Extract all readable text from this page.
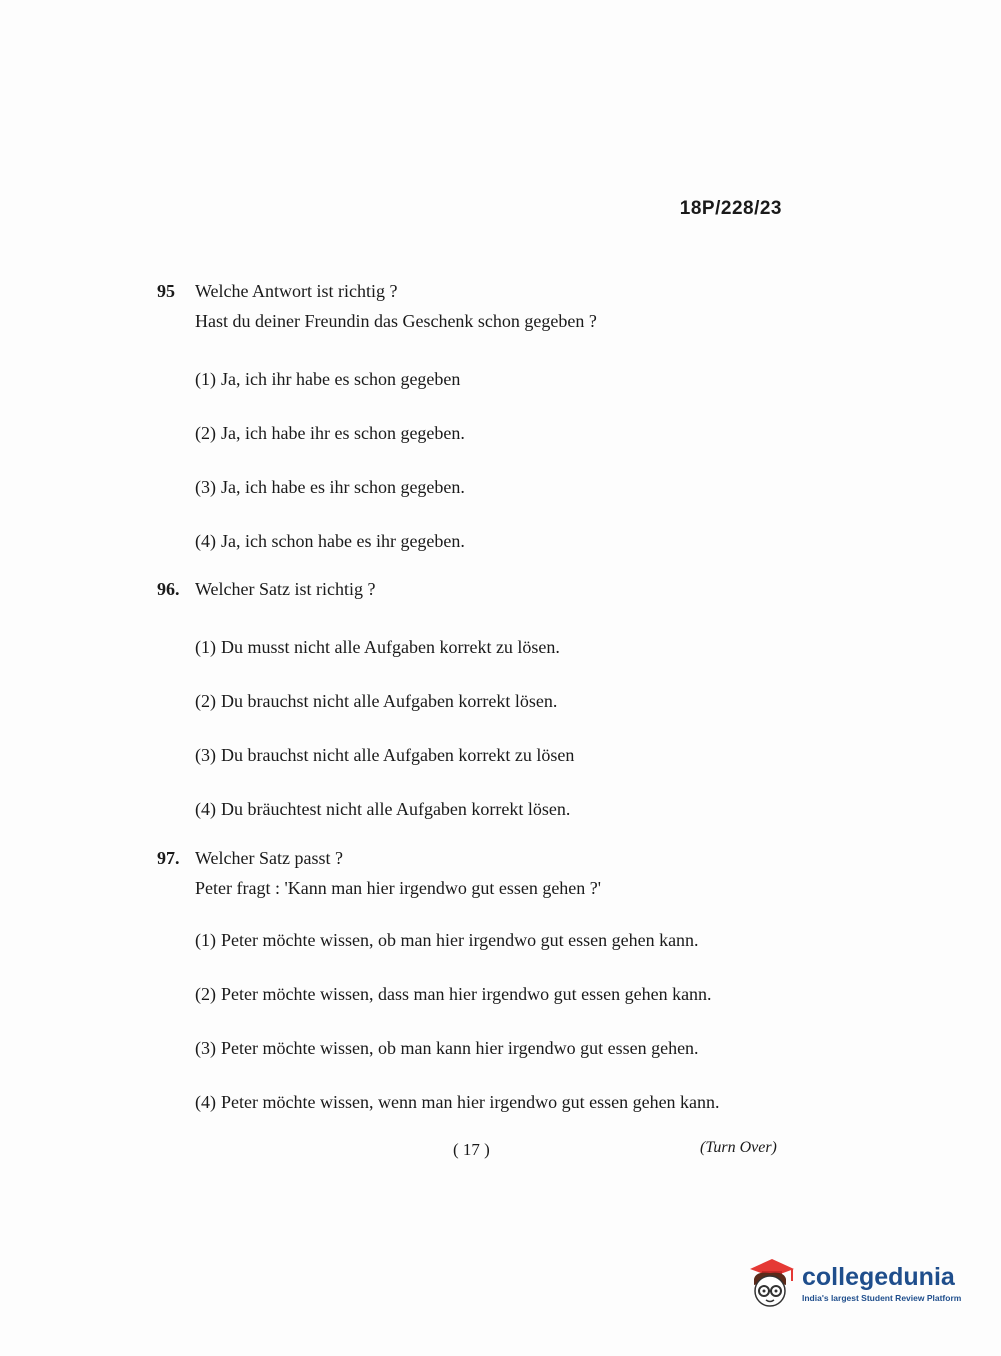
18P/228/23
95	Welche Antwort ist richtig ?
Hast du deiner Freundin das Geschenk schon gegeben ?
(1) Ja, ich ihr habe es schon gegeben
(2) Ja, ich habe ihr es schon gegeben.
(3) Ja, ich habe es ihr schon gegeben.
(4) Ja, ich schon habe es ihr gegeben.
96. Welcher Satz ist richtig ?
(1) Du musst nicht alle Aufgaben korrekt zu lösen.
(2) Du brauchst nicht alle Aufgaben korrekt lösen.
(3) Du brauchst nicht alle Aufgaben korrekt zu lösen
(4) Du bräuchtest nicht alle Aufgaben korrekt lösen.
97. Welcher Satz passt ?
Peter fragt : 'Kann man hier irgendwo gut essen gehen ?'
(1) Peter möchte wissen, ob man hier irgendwo gut essen gehen kann.
(2) Peter möchte wissen, dass man hier irgendwo gut essen gehen kann.
(3) Peter möchte wissen, ob man kann hier irgendwo gut essen gehen.
(4) Peter möchte wissen, wenn man hier irgendwo gut essen gehen kann.
( 17 )	(Turn Over)
collegedunia
India's largest Student Review Platform
